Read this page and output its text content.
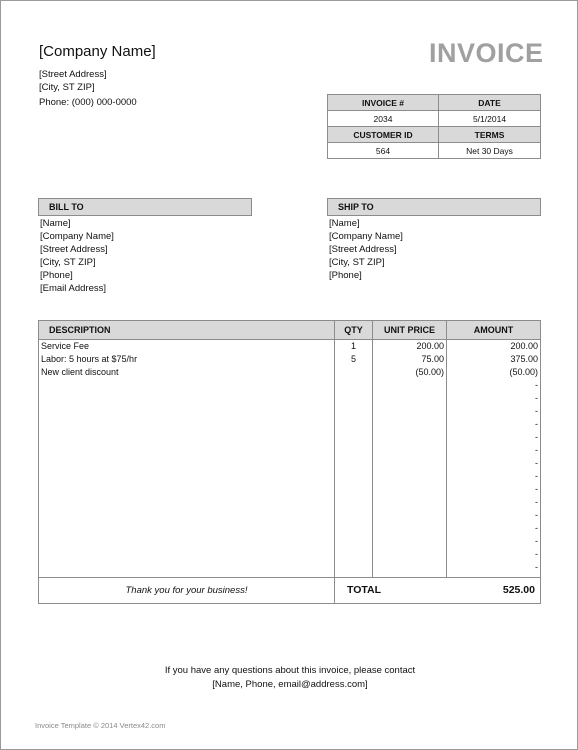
[Company Name]
[Street Address]
[City, ST ZIP]
Phone: (000) 000-0000
INVOICE
INVOICE #	DATE
2034	5/1/2014
CUSTOMER ID	TERMS
564	Net 30 Days
BILL TO
[Name]
[Company Name]
[Street Address]
[City, ST ZIP]
[Phone]
[Email Address]
SHIP TO
[Name]
[Company Name]
[Street Address]
[City, ST ZIP]
[Phone]
DESCRIPTION	QTY	UNIT PRICE	AMOUNT
Service Fee	1	200.00	200.00
Labor: 5 hours at $75/hr	5	75.00	375.00
New client discount		(50.00)	(50.00)
			-
			-
			-
			-
			-
			-
			-
			-
			-
			-
			-
			-
			-
			-
			-

Thank you for your business!	TOTAL		525.00
If you have any questions about this invoice, please contact
[Name, Phone, email@address.com]
Invoice Template © 2014 Vertex42.com
